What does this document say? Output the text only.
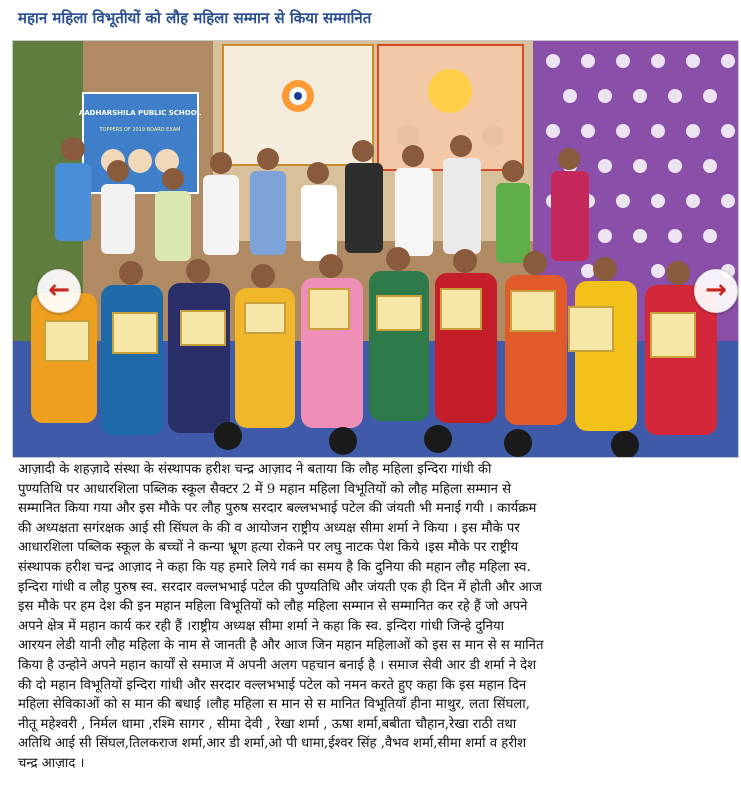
महान महिला विभूतीयों को लौह महिला सम्मान से किया सम्मानित
AADHARSHILA PUBLIC SCHOOL
TOPPERS OF 2019 BOARD EXAM
←	→
आज़ादी के शहज़ादे संस्था के संस्थापक हरीश चन्द्र आज़ाद ने बताया कि लौह महिला इन्दिरा गांधी की
पुण्यतिथि पर आधारशिला पब्लिक स्कूल सैक्टर 2 में 9 महान महिला विभूतियों को लौह महिला सम्मान से
सम्मानित किया गया और इस मौके पर लौह पुरुष सरदार बल्लभभाई पटेल की जंयती भी मनाई गयी । कार्यक्रम
की अध्यक्षता सगंरक्षक आई सी सिंघल के की व आयोजन राष्ट्रीय अध्यक्ष सीमा शर्मा ने किया । इस मौके पर
आधारशिला पब्लिक स्कूल के बच्चों ने कन्या भ्रूण हत्या रोकने पर लघु नाटक पेश किये ।इस मौके पर राष्ट्रीय
संस्थापक हरीश चन्द्र आज़ाद ने कहा कि यह हमारे लिये गर्व का समय है कि दुनिया की महान लौह महिला स्व.
इन्दिरा गांधी व लौह पुरुष स्व. सरदार वल्लभभाई पटेल की पुण्यतिथि और जंयती एक ही दिन में होती और आज
इस मौके पर हम देश की इन महान महिला विभूतियों को लौह महिला सम्मान से सम्मानित कर रहे हैं जो अपने
अपने क्षेत्र में महान कार्य कर रही हैं ।राष्ट्रीय अध्यक्ष सीमा शर्मा ने कहा कि स्व. इन्दिरा गांधी जिन्हे दुनिया
आरयन लेडी यानी लौह महिला के नाम से जानती है और आज जिन महान महिलाओं को इस स मान से स मानित
किया है उन्होने अपने महान कार्यों से समाज में अपनी अलग पहचान बनाई है । समाज सेवी आर डी शर्मा ने देश
की दो महान विभूतियों इन्दिरा गांधी और सरदार वल्लभभाई पटेल को नमन करते हुए कहा कि इस महान दिन
महिला सेविकाओं को स मान की बधाई ।लौह महिला स मान से स मानित विभूतियाँ हीना माथुर, लता सिंघला,
नीतू महेश्वरी , निर्मल धामा ,रश्मि सागर , सीमा देवी , रेखा शर्मा , ऊषा शर्मा,बबीता चौहान,रेखा राठी तथा
अतिथि आई सी सिंघल,तिलकराज शर्मा,आर डी शर्मा,ओ पी धामा,ईश्वर सिंह ,वैभव शर्मा,सीमा शर्मा व हरीश
चन्द्र आज़ाद ।
